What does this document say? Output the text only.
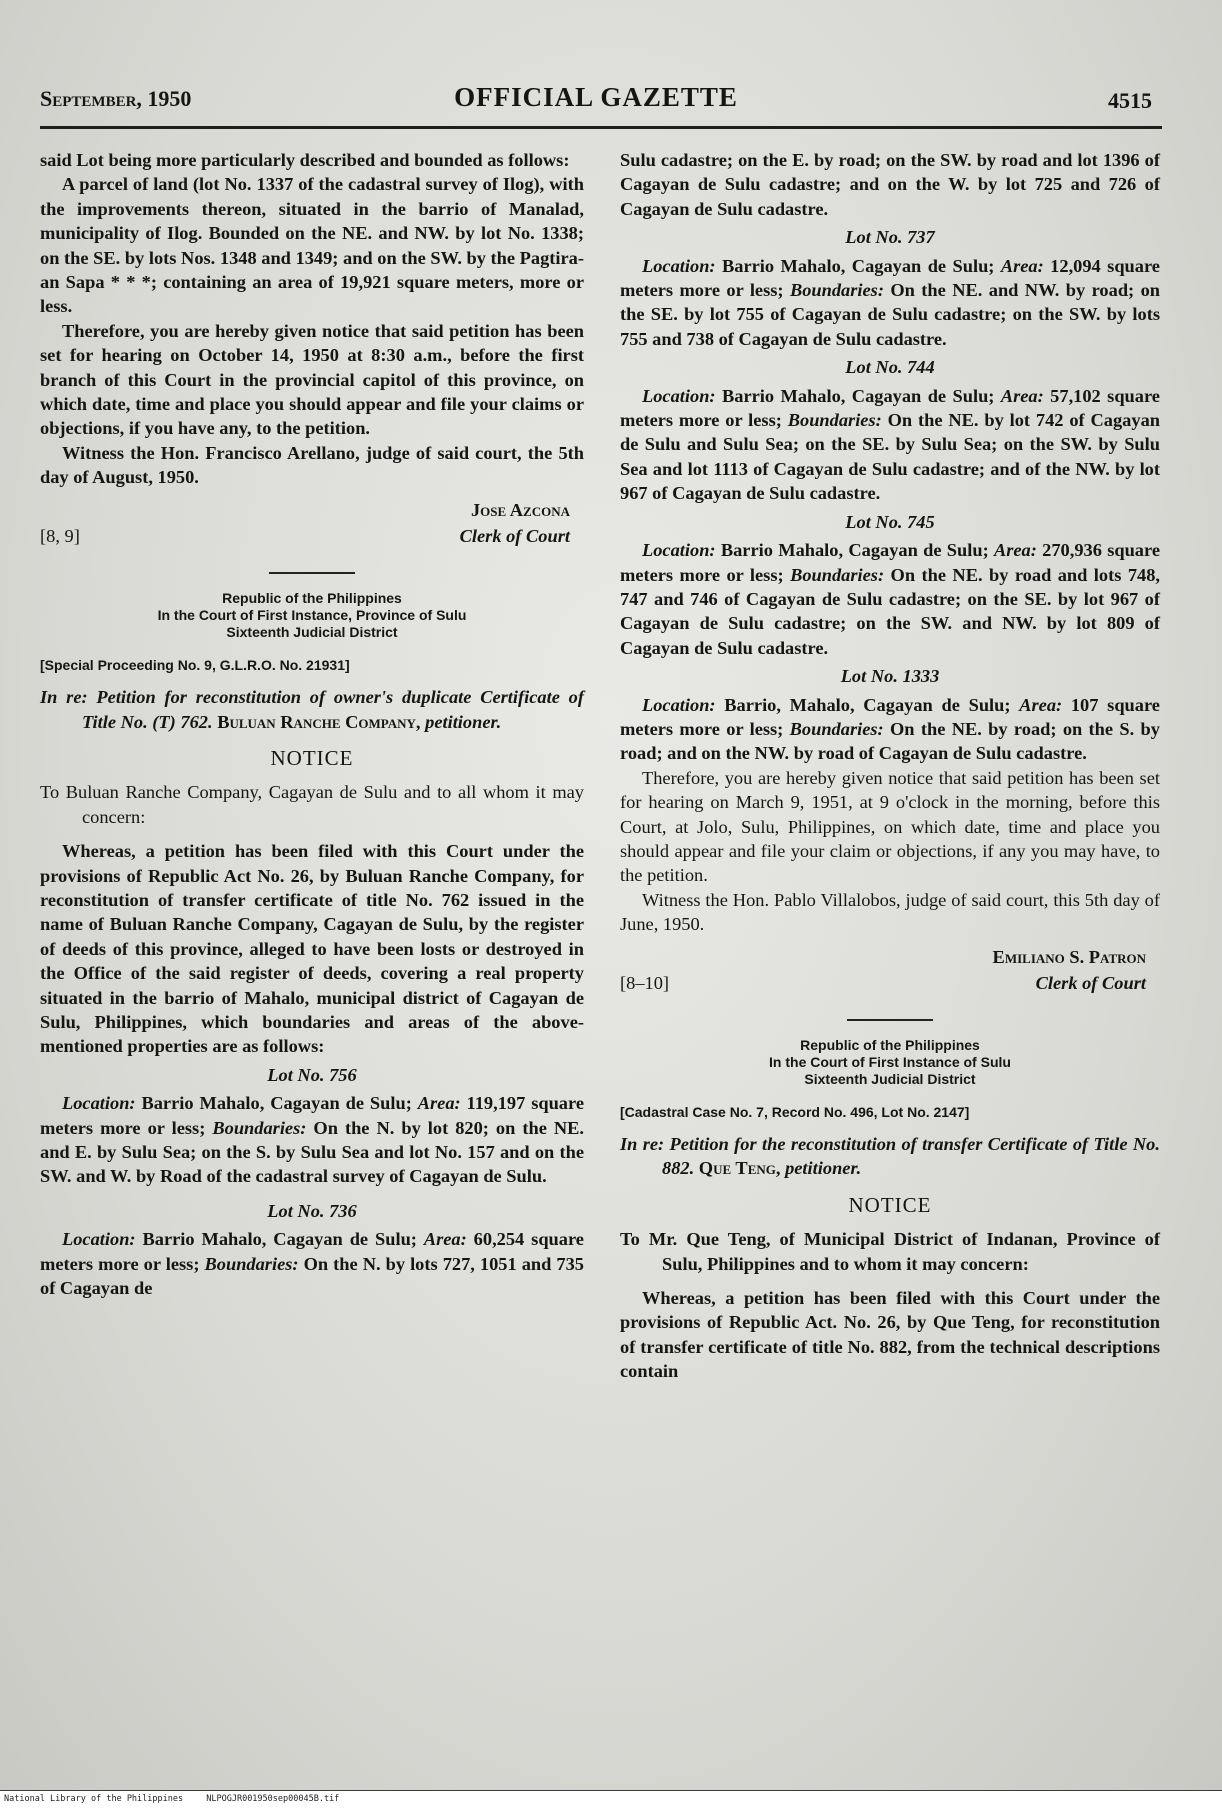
September, 1950	OFFICIAL GAZETTE	4515

said Lot being more particularly described and bounded as follows:

A parcel of land (lot No. 1337 of the cadastral survey of Ilog), with the improvements thereon, situated in the barrio of Manalad, municipality of Ilog. Bounded on the NE. and NW. by lot No. 1338; on the SE. by lots Nos. 1348 and 1349; and on the SW. by the Pagtira-an Sapa * * *; containing an area of 19,921 square meters, more or less.

Therefore, you are hereby given notice that said petition has been set for hearing on October 14, 1950 at 8:30 a.m., before the first branch of this Court in the provincial capitol of this province, on which date, time and place you should appear and file your claims or objections, if you have any, to the petition.

Witness the Hon. Francisco Arellano, judge of said court, the 5th day of August, 1950.

Jose Azcona
Clerk of Court
[8, 9]
Republic of the Philippines
In the Court of First Instance, Province of Sulu
Sixteenth Judicial District
[Special Proceeding No. 9, G.L.R.O. No. 21931]

In re: Petition for reconstitution of owner's duplicate Certificate of Title No. (T) 762. Buluan Ranche Company, petitioner.

NOTICE

To Buluan Ranche Company, Cagayan de Sulu and to all whom it may concern:

Whereas, a petition has been filed with this Court under the provisions of Republic Act No. 26, by Buluan Ranche Company, for reconstitution of transfer certificate of title No. 762 issued in the name of Buluan Ranche Company, Cagayan de Sulu, by the register of deeds of this province, alleged to have been losts or destroyed in the Office of the said register of deeds, covering a real property situated in the barrio of Mahalo, municipal district of Cagayan de Sulu, Philippines, which boundaries and areas of the above-mentioned properties are as follows:

Lot No. 756

Location: Barrio Mahalo, Cagayan de Sulu; Area: 119,197 square meters more or less; Boundaries: On the N. by lot 820; on the NE. and E. by Sulu Sea; on the S. by Sulu Sea and lot No. 157 and on the SW. and W. by Road of the cadastral survey of Cagayan de Sulu.

Lot No. 736

Location: Barrio Mahalo, Cagayan de Sulu; Area: 60,254 square meters more or less; Boundaries: On the N. by lots 727, 1051 and 735 of Cagayan de

Sulu cadastre; on the E. by road; on the SW. by road and lot 1396 of Cagayan de Sulu cadastre; and on the W. by lot 725 and 726 of Cagayan de Sulu cadastre.

Lot No. 737

Location: Barrio Mahalo, Cagayan de Sulu; Area: 12,094 square meters more or less; Boundaries: On the NE. and NW. by road; on the SE. by lot 755 of Cagayan de Sulu cadastre; on the SW. by lots 755 and 738 of Cagayan de Sulu cadastre.

Lot No. 744

Location: Barrio Mahalo, Cagayan de Sulu; Area: 57,102 square meters more or less; Boundaries: On the NE. by lot 742 of Cagayan de Sulu and Sulu Sea; on the SE. by Sulu Sea; on the SW. by Sulu Sea and lot 1113 of Cagayan de Sulu cadastre; and of the NW. by lot 967 of Cagayan de Sulu cadastre.

Lot No. 745

Location: Barrio Mahalo, Cagayan de Sulu; Area: 270,936 square meters more or less; Boundaries: On the NE. by road and lots 748, 747 and 746 of Cagayan de Sulu cadastre; on the SE. by lot 967 of Cagayan de Sulu cadastre; on the SW. and NW. by lot 809 of Cagayan de Sulu cadastre.

Lot No. 1333

Location: Barrio, Mahalo, Cagayan de Sulu; Area: 107 square meters more or less; Boundaries: On the NE. by road; on the S. by road; and on the NW. by road of Cagayan de Sulu cadastre.

Therefore, you are hereby given notice that said petition has been set for hearing on March 9, 1951, at 9 o'clock in the morning, before this Court, at Jolo, Sulu, Philippines, on which date, time and place you should appear and file your claim or objections, if any you may have, to the petition.

Witness the Hon. Pablo Villalobos, judge of said court, this 5th day of June, 1950.

Emiliano S. Patron
Clerk of Court
[8–10]
Republic of the Philippines
In the Court of First Instance of Sulu
Sixteenth Judicial District
[Cadastral Case No. 7, Record No. 496, Lot No. 2147]

In re: Petition for the reconstitution of transfer Certificate of Title No. 882. Que Teng, petitioner.

NOTICE

To Mr. Que Teng, of Municipal District of Indanan, Province of Sulu, Philippines and to whom it may concern:

Whereas, a petition has been filed with this Court under the provisions of Republic Act. No. 26, by Que Teng, for reconstitution of transfer certificate of title No. 882, from the technical descriptions contain

National Library of the Philippines	NLPOGJR001950sep00045B.tif
